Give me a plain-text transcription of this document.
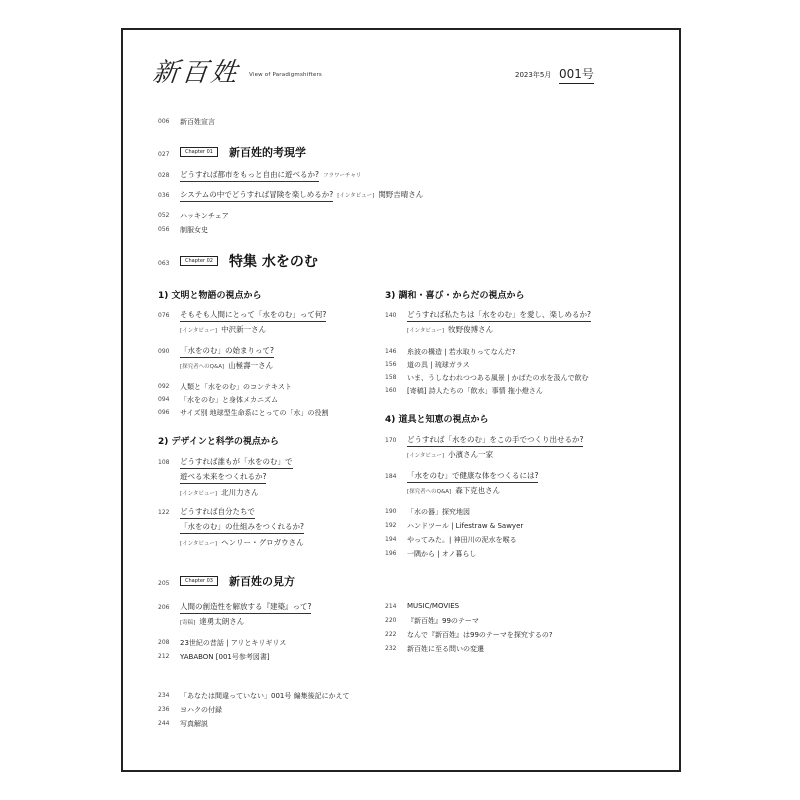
新百姓 View of Paradigmshifters	2023年5月 001号
006 新百姓宣言
027	Chapter 01	新百姓的考現学
028 どうすれば都市をもっと自由に遊べるか? フラワーチャリ
036 システムの中でどうすれば冒険を楽しめるか? [インタビュー] 関野吉晴さん
052 ハッキンチェア
056 制服女史
063	Chapter 02	特集 水をのむ
1) 文明と物語の視点から
076 そもそも人間にとって「水をのむ」って何?
[インタビュー] 中沢新一さん
090 「水をのむ」の始まりって?
[探究者へのQ&A] 山極壽一さん
092 人類と「水をのむ」のコンテキスト
094 「水をのむ」と身体メカニズム
096 サイズ別 地球型生命系にとっての「水」の役割
2) デザインと科学の視点から
108 どうすれば誰もが「水をのむ」で
遊べる未来をつくれるか?
[インタビュー] 北川力さん
122 どうすれば自分たちで
「水をのむ」の仕組みをつくれるか?
[インタビュー] ヘンリー・グロガウさん
3) 調和・喜び・からだの視点から
140 どうすれば私たちは「水をのむ」を愛し、楽しめるか?
[インタビュー] 牧野俊博さん
146 糸波の構造 | 若水取りってなんだ?
156 道の具 | 琉球ガラス
158 いま、うしなわれつつある風景 | かばたの水を汲んで飲む
160 [寄稿] 詩人たちの「飲水」事情 拖小燈さん
4) 道具と知恵の視点から
170 どうすれば「水をのむ」をこの手でつくり出せるか?
[インタビュー] 小濱さん一家
184 「水をのむ」で健康な体をつくるには?
[探究者へのQ&A] 森下克也さん
190 「水の器」探究地図
192 ハンドツール | Lifestraw & Sawyer
194 やってみた。| 神田川の泥水を喉る
196 一隅から | オノ暮らし
205	Chapter 03	新百姓の見方
206 人間の創造性を解放する『建築』って?
[寄稿] 達勇太朗さん
208 23世紀の昔話 | アリとキリギリス
212 YABABON [001号参考図書]
214 MUSIC/MOVIES
220 『新百姓』99のテーマ
222 なんで『新百姓』は99のテーマを探究するの?
232 新百姓に至る問いの変遷
234 「あなたは間違っていない」001号 編集後記にかえて
236 ヨハクの付録
244 写真解説
